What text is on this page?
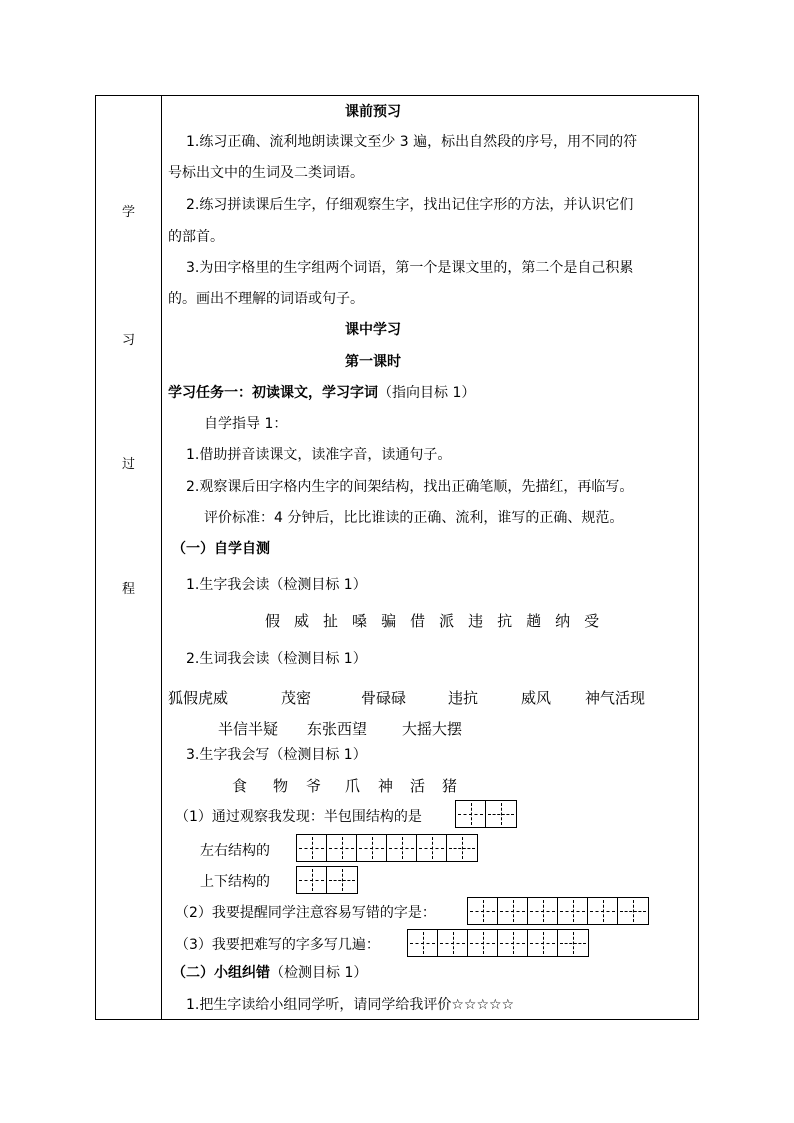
学
习
过
程
课前预习
1.练习正确、流利地朗读课文至少 3 遍，标出自然段的序号，用不同的符
号标出文中的生词及二类词语。
2.练习拼读课后生字，仔细观察生字，找出记住字形的方法，并认识它们
的部首。
3.为田字格里的生字组两个词语，第一个是课文里的，第二个是自己积累
的。画出不理解的词语或句子。
课中学习
第一课时
学习任务一：初读课文，学习字词（指向目标 1）
自学指导 1：
1.借助拼音读课文，读准字音，读通句子。
2.观察课后田字格内生字的间架结构，找出正确笔顺，先描红，再临写。
评价标准：4 分钟后，比比谁读的正确、流利，谁写的正确、规范。
（一）自学自测
1.生字我会读（检测目标 1）
假 威 扯 嗓 骗 借 派 违 抗 趟 纳 受
2.生词我会读（检测目标 1）
狐假虎威	茂密	骨碌碌	违抗	威风 神气活现
半信半疑 东张西望 大摇大摆
3.生字我会写（检测目标 1）
食 物 爷 爪 神 活 猪
（1）通过观察我发现：半包围结构的是
左右结构的
上下结构的
（2）我要提醒同学注意容易写错的字是：
（3）我要把难写的字多写几遍：
（二）小组纠错（检测目标 1）
1.把生字读给小组同学听，请同学给我评价☆☆☆☆☆
